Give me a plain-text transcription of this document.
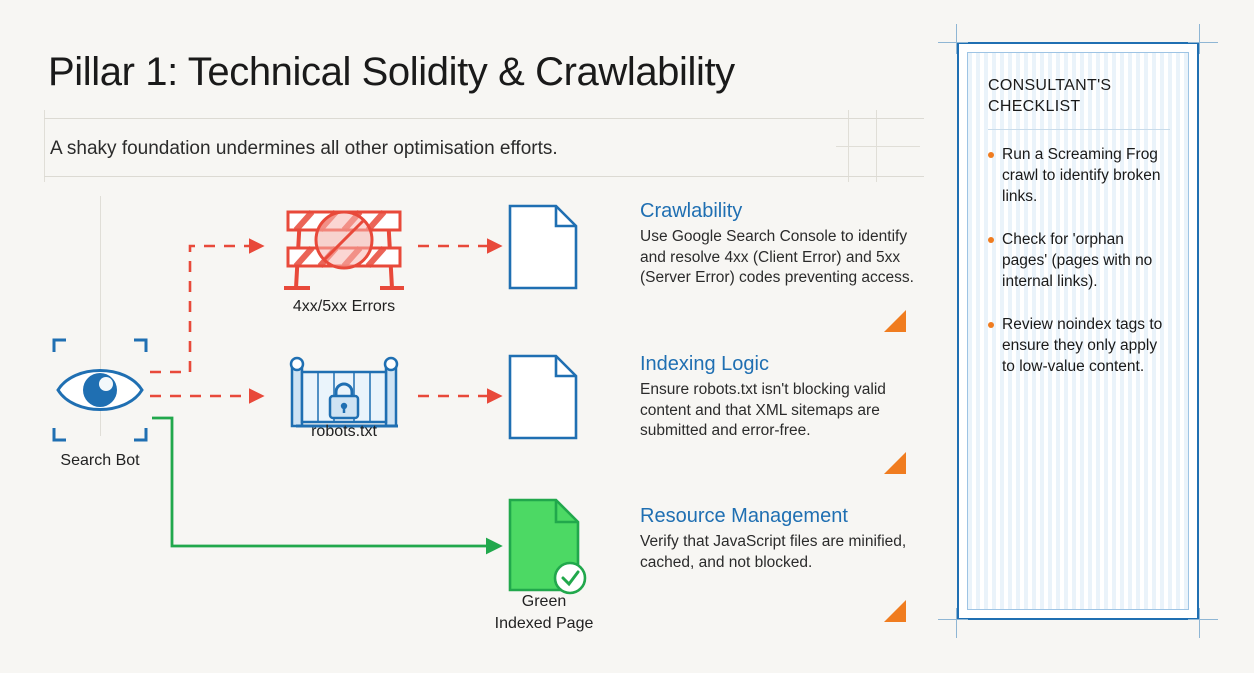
Pillar 1: Technical Solidity & Crawlability
A shaky foundation undermines all other optimisation efforts.
Search Bot
4xx/5xx Errors
robots.txt
Green
Indexed Page
Crawlability

Use Google Search Console to identify and resolve 4xx (Client Error) and 5xx (Server Error) codes preventing access.

Indexing Logic

Ensure robots.txt isn't blocking valid content and that XML sitemaps are submitted and error-free.

Resource Management

Verify that JavaScript files are minified, cached, and not blocked.

CONSULTANT'S CHECKLIST
Run a Screaming Frog crawl to identify broken links.
Check for 'orphan pages' (pages with no internal links).
Review noindex tags to ensure they only apply to low-value content.
